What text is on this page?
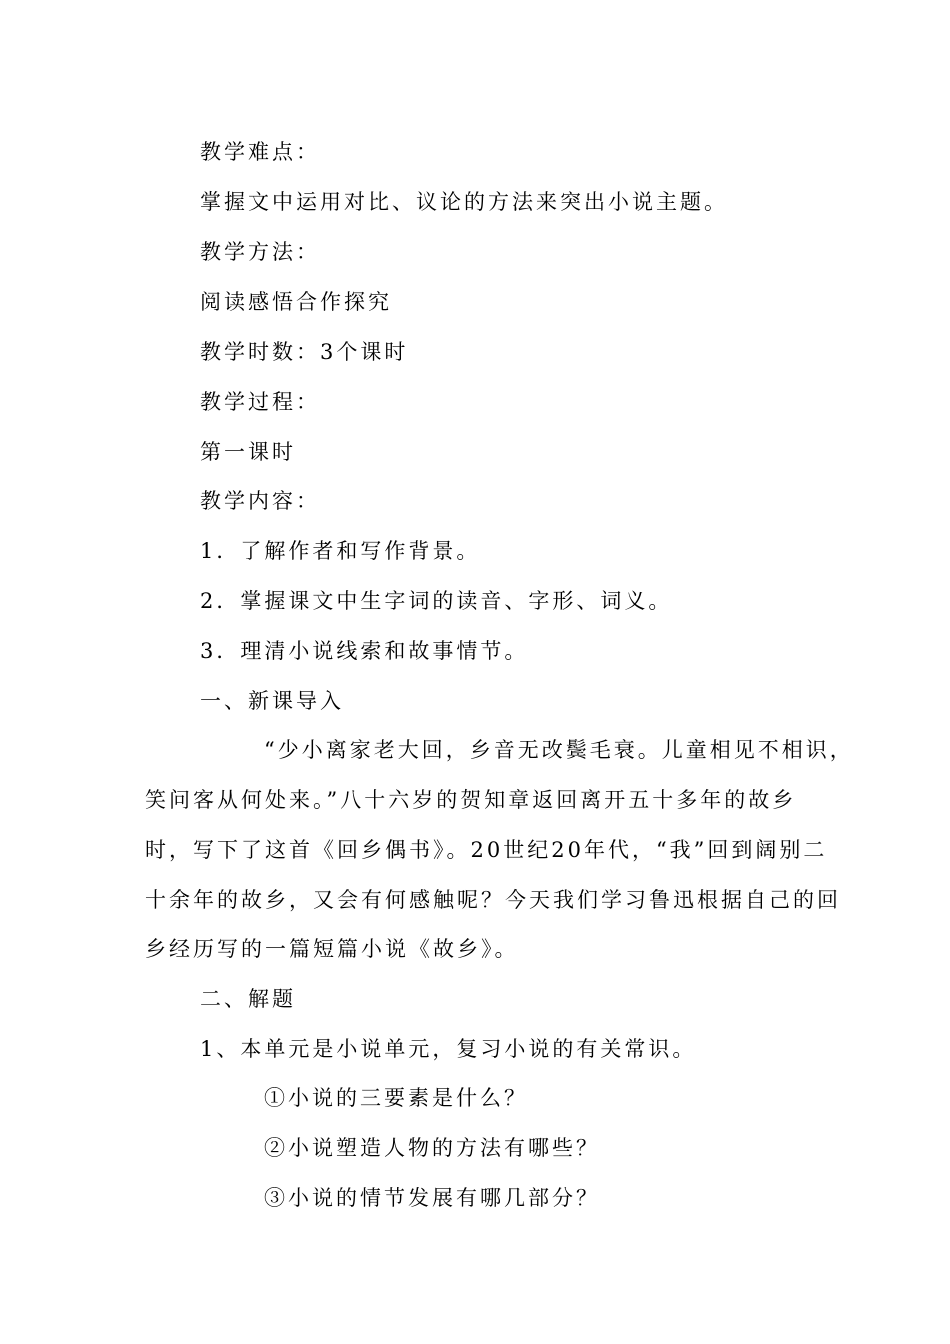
教学难点：
掌握文中运用对比、议论的方法来突出小说主题。
教学方法：
阅读感悟合作探究
教学时数：3个课时
教学过程：
第一课时
教学内容：
1．了解作者和写作背景。
2．掌握课文中生字词的读音、字形、词义。
3．理清小说线索和故事情节。
一、新课导入
“少小离家老大回，乡音无改鬓毛衰。儿童相见不相识，
笑问客从何处来。”八十六岁的贺知章返回离开五十多年的故乡
时，写下了这首《回乡偶书》。20世纪20年代，“我”回到阔别二
十余年的故乡，又会有何感触呢？今天我们学习鲁迅根据自己的回
乡经历写的一篇短篇小说《故乡》。
二、解题
1、本单元是小说单元，复习小说的有关常识。
①小说的三要素是什么？
②小说塑造人物的方法有哪些？
③小说的情节发展有哪几部分？
